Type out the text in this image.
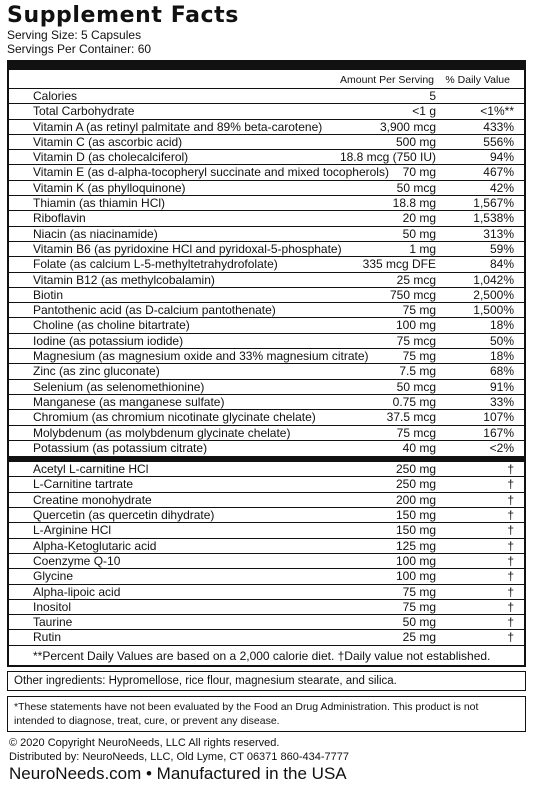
Supplement Facts
Serving Size: 5 Capsules
Servings Per Container: 60
Amount Per Serving % Daily Value
Calories	5
Total Carbohydrate	<1 g	<1%**
Vitamin A (as retinyl palmitate and 89% beta-carotene)	3,900 mcg	433%
Vitamin C (as ascorbic acid)	500 mg	556%
Vitamin D (as cholecalciferol)	18.8 mcg (750 IU)	94%
Vitamin E (as d-alpha-tocopheryl succinate and mixed tocopherols) 70 mg	467%
Vitamin K (as phylloquinone)	50 mcg	42%
Thiamin (as thiamin HCl)	18.8 mg	1,567%
Riboflavin	20 mg	1,538%
Niacin (as niacinamide)	50 mg	313%
Vitamin B6 (as pyridoxine HCl and pyridoxal-5-phosphate)	1 mg	59%
Folate (as calcium L-5-methyltetrahydrofolate)	335 mcg DFE	84%
Vitamin B12 (as methylcobalamin)	25 mcg	1,042%
Biotin	750 mcg	2,500%
Pantothenic acid (as D-calcium pantothenate)	75 mg	1,500%
Choline (as choline bitartrate)	100 mg	18%
Iodine (as potassium iodide)	75 mcg	50%
Magnesium (as magnesium oxide and 33% magnesium citrate)	75 mg	18%
Zinc (as zinc gluconate)	7.5 mg	68%
Selenium (as selenomethionine)	50 mcg	91%
Manganese (as manganese sulfate)	0.75 mg	33%
Chromium (as chromium nicotinate glycinate chelate)	37.5 mcg	107%
Molybdenum (as molybdenum glycinate chelate)	75 mcg	167%
Potassium (as potassium citrate)	40 mg	<2%
Acetyl L-carnitine HCl	250 mg	†
L-Carnitine tartrate	250 mg	†
Creatine monohydrate	200 mg	†
Quercetin (as quercetin dihydrate)	150 mg	†
L-Arginine HCl	150 mg	†
Alpha-Ketoglutaric acid	125 mg	†
Coenzyme Q-10	100 mg	†
Glycine	100 mg	†
Alpha-lipoic acid	75 mg	†
Inositol	75 mg	†
Taurine	50 mg	†
Rutin	25 mg	†
**Percent Daily Values are based on a 2,000 calorie diet. †Daily value not established.
Other ingredients: Hypromellose, rice flour, magnesium stearate, and silica.
*These statements have not been evaluated by the Food an Drug Administration. This product is not intended to diagnose, treat, cure, or prevent any disease.
© 2020 Copyright NeuroNeeds, LLC All rights reserved.
Distributed by: NeuroNeeds, LLC, Old Lyme, CT 06371 860-434-7777
NeuroNeeds.com • Manufactured in the USA
